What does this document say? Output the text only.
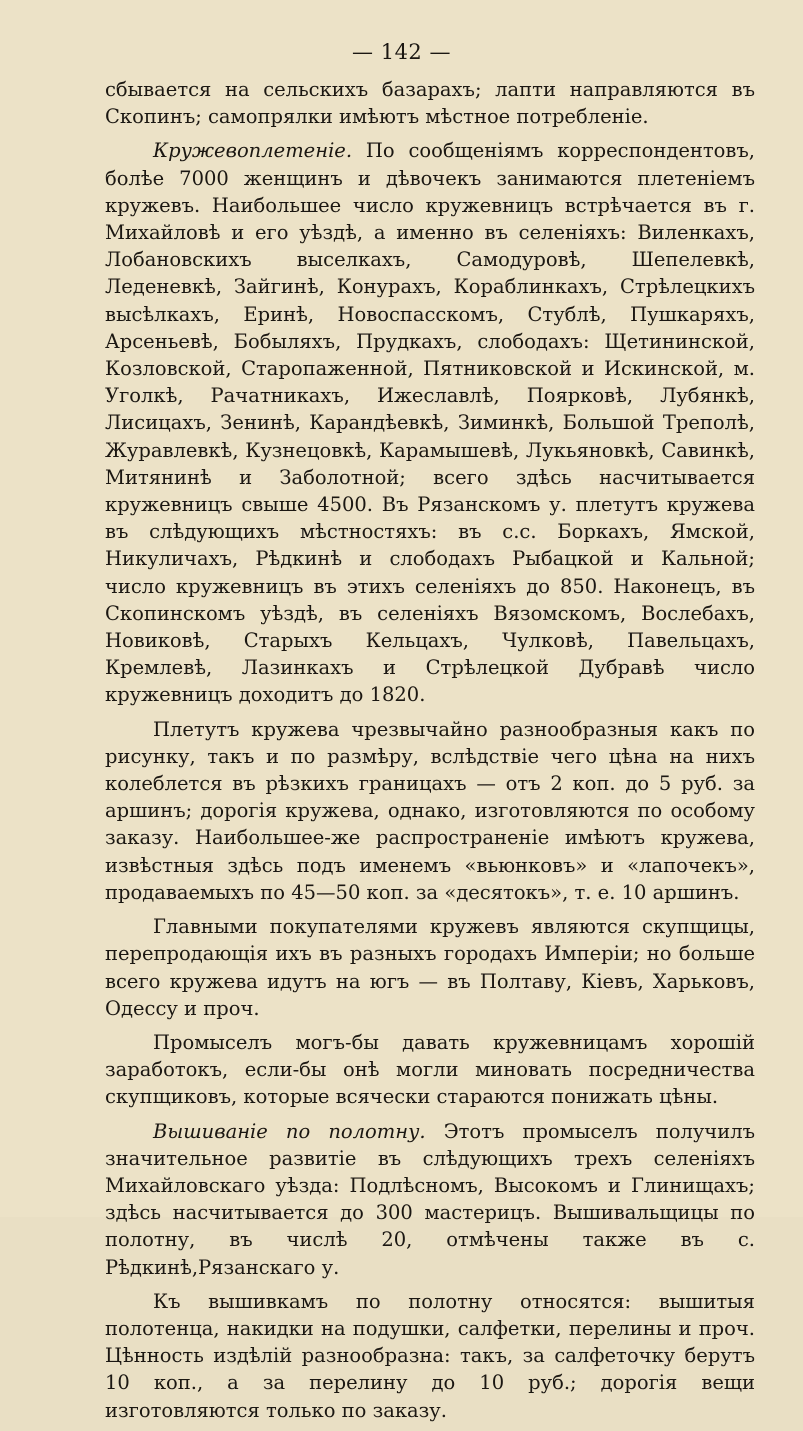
— 142 —

сбывается на сельскихъ базарахъ; лапти направляются въ Скопинъ; самопрялки имѣютъ мѣстное потребленіе.

Кружевоплетеніе. По сообщеніямъ корреспондентовъ, болѣе 7000 женщинъ и дѣвочекъ занимаются плетеніемъ кружевъ. Наибольшее число кружевницъ встрѣчается въ г. Михайловѣ и его уѣздѣ, а именно въ селеніяхъ: Виленкахъ, Лобановскихъ выселкахъ, Самодуровѣ, Шепелевкѣ, Леденевкѣ, Зайгинѣ, Конурахъ, Кораблинкахъ, Стрѣлецкихъ высѣлкахъ, Еринѣ, Новоспасскомъ, Стублѣ, Пушкаряхъ, Арсеньевѣ, Бобыляхъ, Прудкахъ, слободахъ: Щетининской, Козловской, Старопаженной, Пятниковской и Искинской, м. Уголкѣ, Рачатникахъ, Ижеславлѣ, Поярковѣ, Лубянкѣ, Лисицахъ, Зенинѣ, Карандѣевкѣ, Зиминкѣ, Большой Треполѣ, Журавлевкѣ, Кузнецовкѣ, Карамышевѣ, Лукьяновкѣ, Савинкѣ, Митянинѣ и Заболотной; всего здѣсь насчитывается кружевницъ свыше 4500. Въ Рязанскомъ у. плетутъ кружева въ слѣдующихъ мѣстностяхъ: въ с.с. Боркахъ, Ямской, Никуличахъ, Рѣдкинѣ и слободахъ Рыбацкой и Кальной; число кружевницъ въ этихъ селеніяхъ до 850. Наконецъ, въ Скопинскомъ уѣздѣ, въ селеніяхъ Вязомскомъ, Вослебахъ, Новиковѣ, Старыхъ Кельцахъ, Чулковѣ, Павельцахъ, Кремлевѣ, Лазинкахъ и Стрѣлецкой Дубравѣ число кружевницъ доходитъ до 1820.

Плетутъ кружева чрезвычайно разнообразныя какъ по рисунку, такъ и по размѣру, вслѣдствіе чего цѣна на нихъ колеблется въ рѣзкихъ границахъ — отъ 2 коп. до 5 руб. за аршинъ; дорогія кружева, однако, изготовляются по особому заказу. Наибольшее-же распространеніе имѣютъ кружева, извѣстныя здѣсь подъ именемъ «вьюнковъ» и «лапочекъ», продаваемыхъ по 45—50 коп. за «десятокъ», т. е. 10 аршинъ.

Главными покупателями кружевъ являются скупщицы, перепродающія ихъ въ разныхъ городахъ Имперіи; но больше всего кружева идутъ на югъ — въ Полтаву, Кіевъ, Харьковъ, Одессу и проч.

Промыселъ могъ-бы давать кружевницамъ хорошій заработокъ, если-бы онѣ могли миновать посредничества скупщиковъ, которые всячески стараются понижать цѣны.

Вышиваніе по полотну. Этотъ промыселъ получилъ значительное развитіе въ слѣдующихъ трехъ селеніяхъ Михайловскаго уѣзда: Подлѣсномъ, Высокомъ и Глинищахъ; здѣсь насчитывается до 300 мастерицъ. Вышивальщицы по полотну, въ числѣ 20, отмѣчены также въ с. Рѣдкинѣ,Рязанскаго у.

Къ вышивкамъ по полотну относятся: вышитыя полотенца, накидки на подушки, салфетки, перелины и проч. Цѣнность издѣлій разнообразна: такъ, за салфеточку берутъ 10 коп., а за перелину до 10 руб.; дорогія вещи изготовляются только по заказу.
